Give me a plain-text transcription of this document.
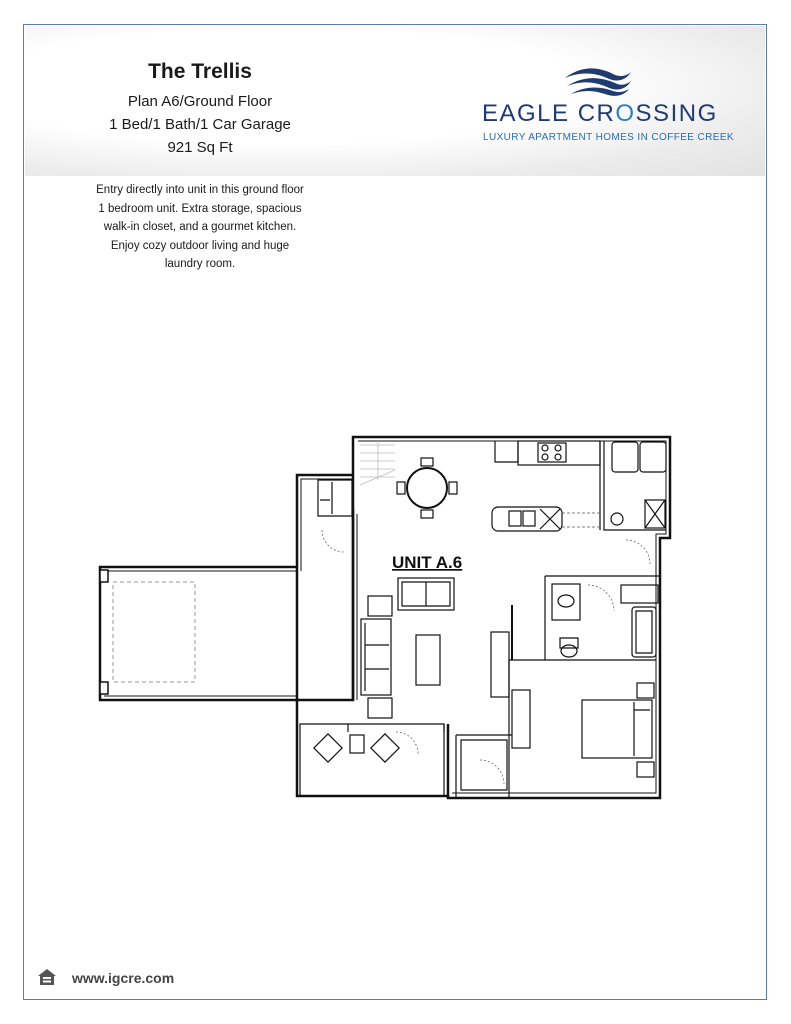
The Trellis

Plan A6/Ground Floor

1 Bed/1 Bath/1 Car Garage

921 Sq Ft

EAGLE CROSSING
LUXURY APARTMENT HOMES IN COFFEE CREEK
Entry directly into unit in this ground floor
1 bedroom unit. Extra storage, spacious
walk-in closet, and a gourmet kitchen.
Enjoy cozy outdoor living and huge
laundry room.
UNIT A.6
www.igcre.com
